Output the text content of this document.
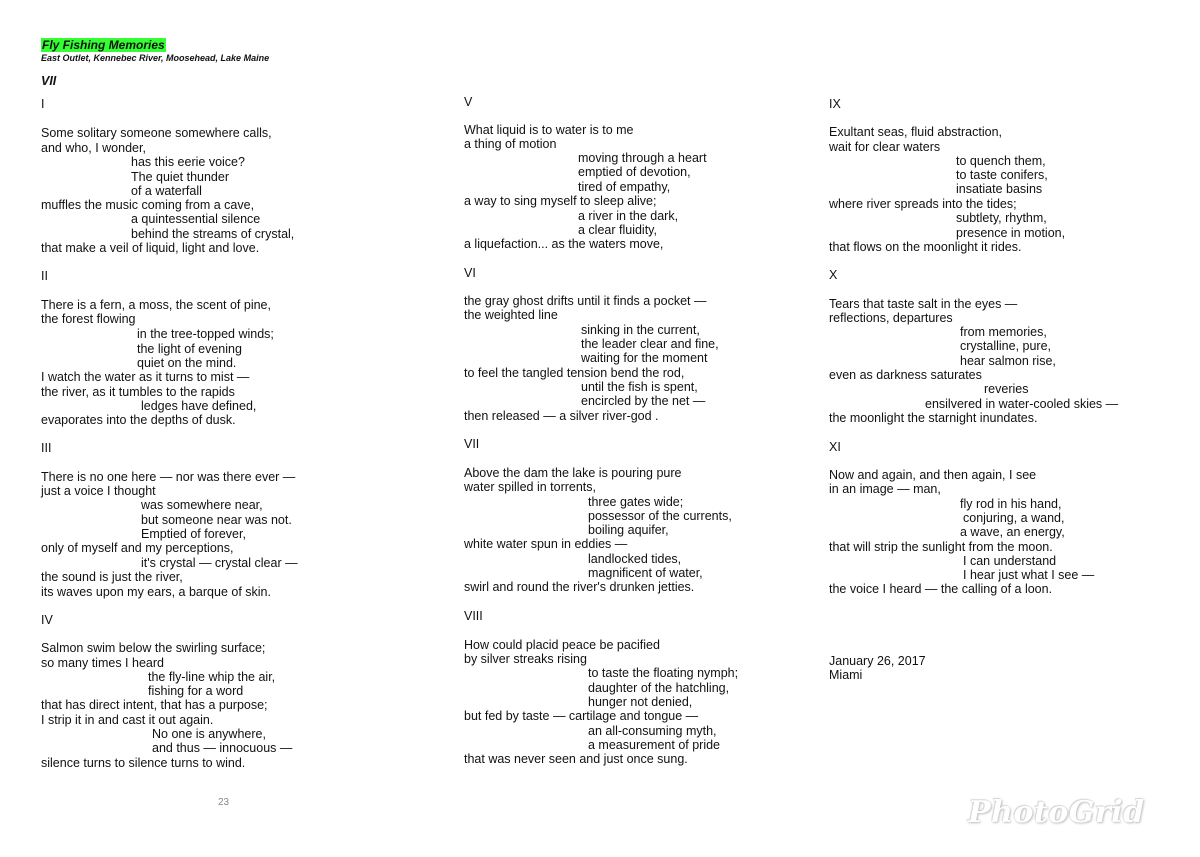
Fly Fishing Memories
East Outlet, Kennebec River, Moosehead, Lake Maine
VII
I
Some solitary someone somewhere calls,
and who, I wonder,
has this eerie voice?
The quiet thunder
of a waterfall
muffles the music coming from a cave,
a quintessential silence
behind the streams of crystal,
that make a veil of liquid, light and love.
II
There is a fern, a moss, the scent of pine,
the forest flowing
in the tree-topped winds;
the light of evening
quiet on the mind.
I watch the water as it turns to mist —
the river, as it tumbles to the rapids
ledges have defined,
evaporates into the depths of dusk.
III
There is no one here — nor was there ever —
just a voice I thought
was somewhere near,
but someone near was not.
Emptied of forever,
only of myself and my perceptions,
it's crystal — crystal clear —
the sound is just the river,
its waves upon my ears, a barque of skin.
IV
Salmon swim below the swirling surface;
so many times I heard
the fly-line whip the air,
fishing for a word
that has direct intent, that has a purpose;
I strip it in and cast it out again.
No one is anywhere,
and thus — innocuous —
silence turns to silence turns to wind.
V
What liquid is to water is to me
a thing of motion
moving through a heart
emptied of devotion,
tired of empathy,
a way to sing myself to sleep alive;
a river in the dark,
a clear fluidity,
a liquefaction... as the waters move,
VI
the gray ghost drifts until it finds a pocket —
the weighted line
sinking in the current,
the leader clear and fine,
waiting for the moment
to feel the tangled tension bend the rod,
until the fish is spent,
encircled by the net —
then released — a silver river-god .
VII
Above the dam the lake is pouring pure
water spilled in torrents,
three gates wide;
possessor of the currents,
boiling aquifer,
white water spun in eddies —
landlocked tides,
magnificent of water,
swirl and round the river's drunken jetties.
VIII
How could placid peace be pacified
by silver streaks rising
to taste the floating nymph;
daughter of the hatchling,
hunger not denied,
but fed by taste — cartilage and tongue —
an all-consuming myth,
a measurement of pride
that was never seen and just once sung.
IX
Exultant seas, fluid abstraction,
wait for clear waters
to quench them,
to taste conifers,
insatiate basins
where river spreads into the tides;
subtlety, rhythm,
presence in motion,
that flows on the moonlight it rides.
X
Tears that taste salt in the eyes —
reflections, departures
from memories,
crystalline, pure,
hear salmon rise,
even as darkness saturates
reveries
ensilvered in water-cooled skies —
the moonlight the starnight inundates.
XI
Now and again, and then again, I see
in an image — man,
fly rod in his hand,
conjuring, a wand,
a wave, an energy,
that will strip the sunlight from the moon.
I can understand
I hear just what I see —
the voice I heard — the calling of a loon.
January 26, 2017
Miami
23	PhotoGrid
